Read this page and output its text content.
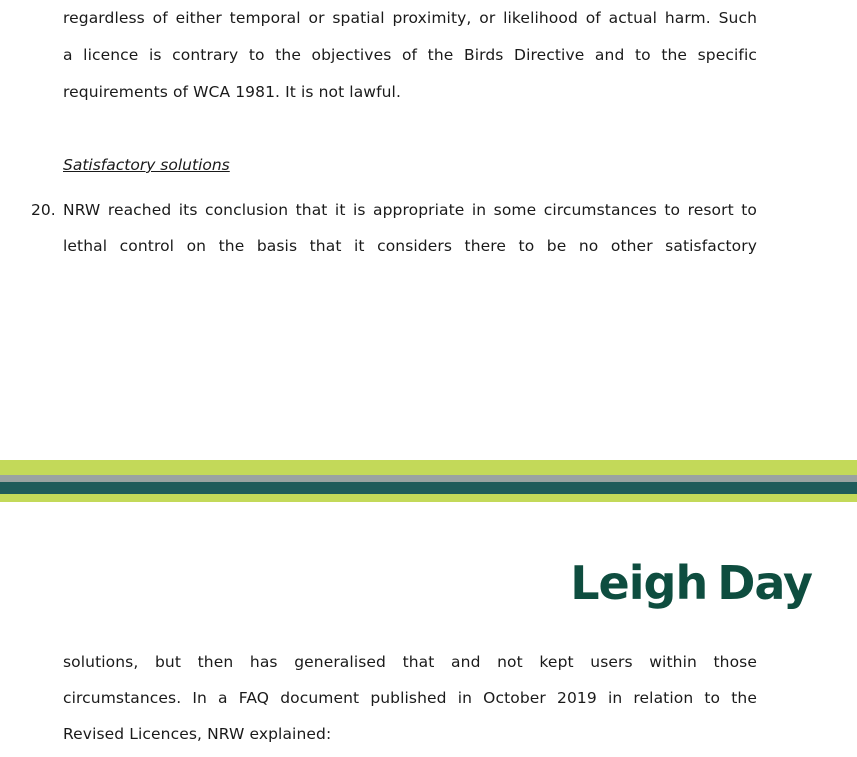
regardless of either temporal or spatial proximity, or likelihood of actual harm. Such
a licence is contrary to the objectives of the Birds Directive and to the specific
requirements of WCA 1981. It is not lawful.
Satisfactory solutions
20. NRW reached its conclusion that it is appropriate in some circumstances to resort to
lethal control on the basis that it considers there to be no other satisfactory
Leigh Day
solutions, but then has generalised that and not kept users within those
circumstances. In a FAQ document published in October 2019 in relation to the
Revised Licences, NRW explained:
